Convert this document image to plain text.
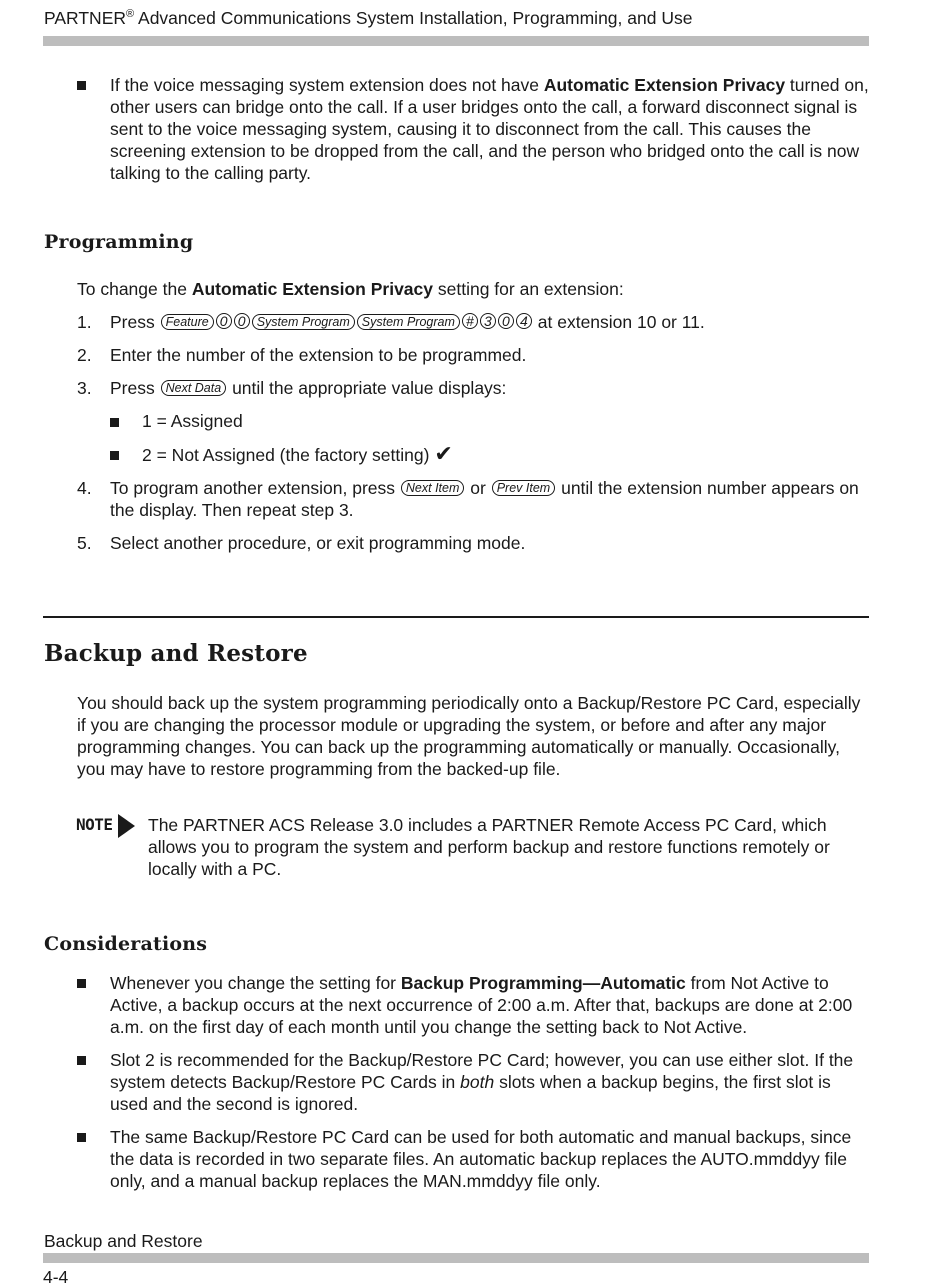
PARTNER® Advanced Communications System Installation, Programming, and Use
If the voice messaging system extension does not have Automatic Extension Privacy turned on, other users can bridge onto the call. If a user bridges onto the call, a forward disconnect signal is sent to the voice messaging system, causing it to disconnect from the call. This causes the screening extension to be dropped from the call, and the person who bridged onto the call is now talking to the calling party.
Programming
To change the Automatic Extension Privacy setting for an extension:
1. Press Feature 0 0 System Program System Program # 3 0 4 at extension 10 or 11.
2. Enter the number of the extension to be programmed.
3. Press Next Data until the appropriate value displays:
1 = Assigned
2 = Not Assigned (the factory setting) ✔
4. To program another extension, press Next Item or Prev Item until the extension number appears on the display. Then repeat step 3.
5. Select another procedure, or exit programming mode.
Backup and Restore
You should back up the system programming periodically onto a Backup/Restore PC Card, especially if you are changing the processor module or upgrading the system, or before and after any major programming changes. You can back up the programming automatically or manually. Occasionally, you may have to restore programming from the backed-up file.
NOTE The PARTNER ACS Release 3.0 includes a PARTNER Remote Access PC Card, which allows you to program the system and perform backup and restore functions remotely or locally with a PC.
Considerations
Whenever you change the setting for Backup Programming—Automatic from Not Active to Active, a backup occurs at the next occurrence of 2:00 a.m. After that, backups are done at 2:00 a.m. on the first day of each month until you change the setting back to Not Active.
Slot 2 is recommended for the Backup/Restore PC Card; however, you can use either slot. If the system detects Backup/Restore PC Cards in both slots when a backup begins, the first slot is used and the second is ignored.
The same Backup/Restore PC Card can be used for both automatic and manual backups, since the data is recorded in two separate files. An automatic backup replaces the AUTO.mmddyy file only, and a manual backup replaces the MAN.mmddyy file only.
Backup and Restore
4-4
